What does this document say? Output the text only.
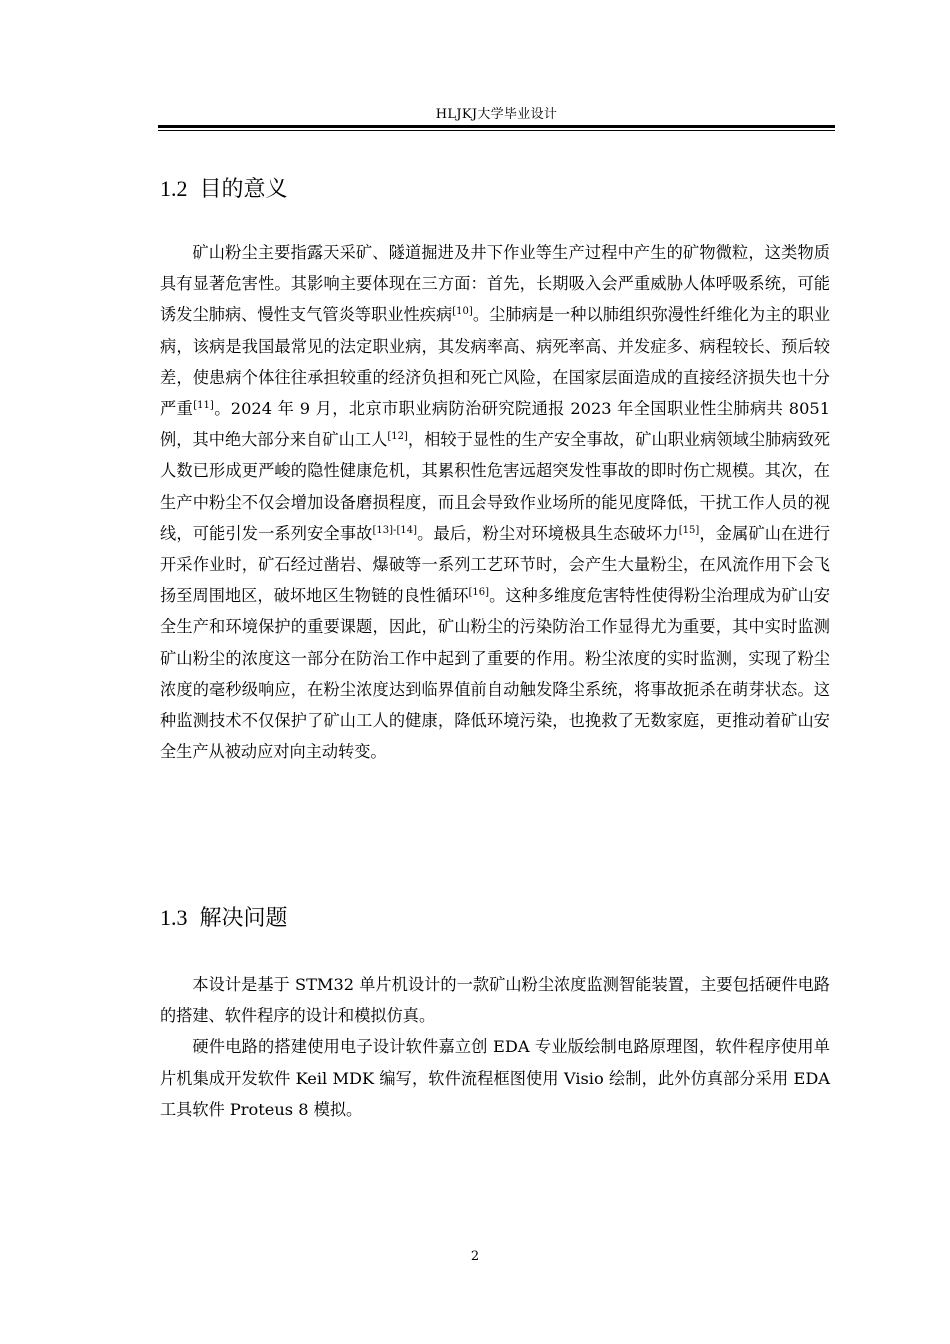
HLJKJ大学毕业设计
1.2 目的意义

矿山粉尘主要指露天采矿、隧道掘进及井下作业等生产过程中产生的矿物微粒，这类物质具有显著危害性。其影响主要体现在三方面：首先，长期吸入会严重威胁人体呼吸系统，可能诱发尘肺病、慢性支气管炎等职业性疾病[10]。尘肺病是一种以肺组织弥漫性纤维化为主的职业病，该病是我国最常见的法定职业病，其发病率高、病死率高、并发症多、病程较长、预后较差，使患病个体往往承担较重的经济负担和死亡风险，在国家层面造成的直接经济损失也十分严重[11]。2024 年 9 月，北京市职业病防治研究院通报 2023 年全国职业性尘肺病共 8051 例，其中绝大部分来自矿山工人[12]，相较于显性的生产安全事故，矿山职业病领域尘肺病致死人数已形成更严峻的隐性健康危机，其累积性危害远超突发性事故的即时伤亡规模。其次，在生产中粉尘不仅会增加设备磨损程度，而且会导致作业场所的能见度降低，干扰工作人员的视线，可能引发一系列安全事故[13]-[14]。最后，粉尘对环境极具生态破坏力[15]，金属矿山在进行开采作业时，矿石经过凿岩、爆破等一系列工艺环节时，会产生大量粉尘，在风流作用下会飞扬至周围地区，破坏地区生物链的良性循环[16]。这种多维度危害特性使得粉尘治理成为矿山安全生产和环境保护的重要课题，因此，矿山粉尘的污染防治工作显得尤为重要，其中实时监测矿山粉尘的浓度这一部分在防治工作中起到了重要的作用。粉尘浓度的实时监测，实现了粉尘浓度的毫秒级响应，在粉尘浓度达到临界值前自动触发降尘系统，将事故扼杀在萌芽状态。这种监测技术不仅保护了矿山工人的健康，降低环境污染，也挽救了无数家庭，更推动着矿山安全生产从被动应对向主动转变。

1.3 解决问题

本设计是基于 STM32 单片机设计的一款矿山粉尘浓度监测智能装置，主要包括硬件电路的搭建、软件程序的设计和模拟仿真。

硬件电路的搭建使用电子设计软件嘉立创 EDA 专业版绘制电路原理图，软件程序使用单片机集成开发软件 Keil MDK 编写，软件流程框图使用 Visio 绘制，此外仿真部分采用 EDA 工具软件 Proteus 8 模拟。

2
